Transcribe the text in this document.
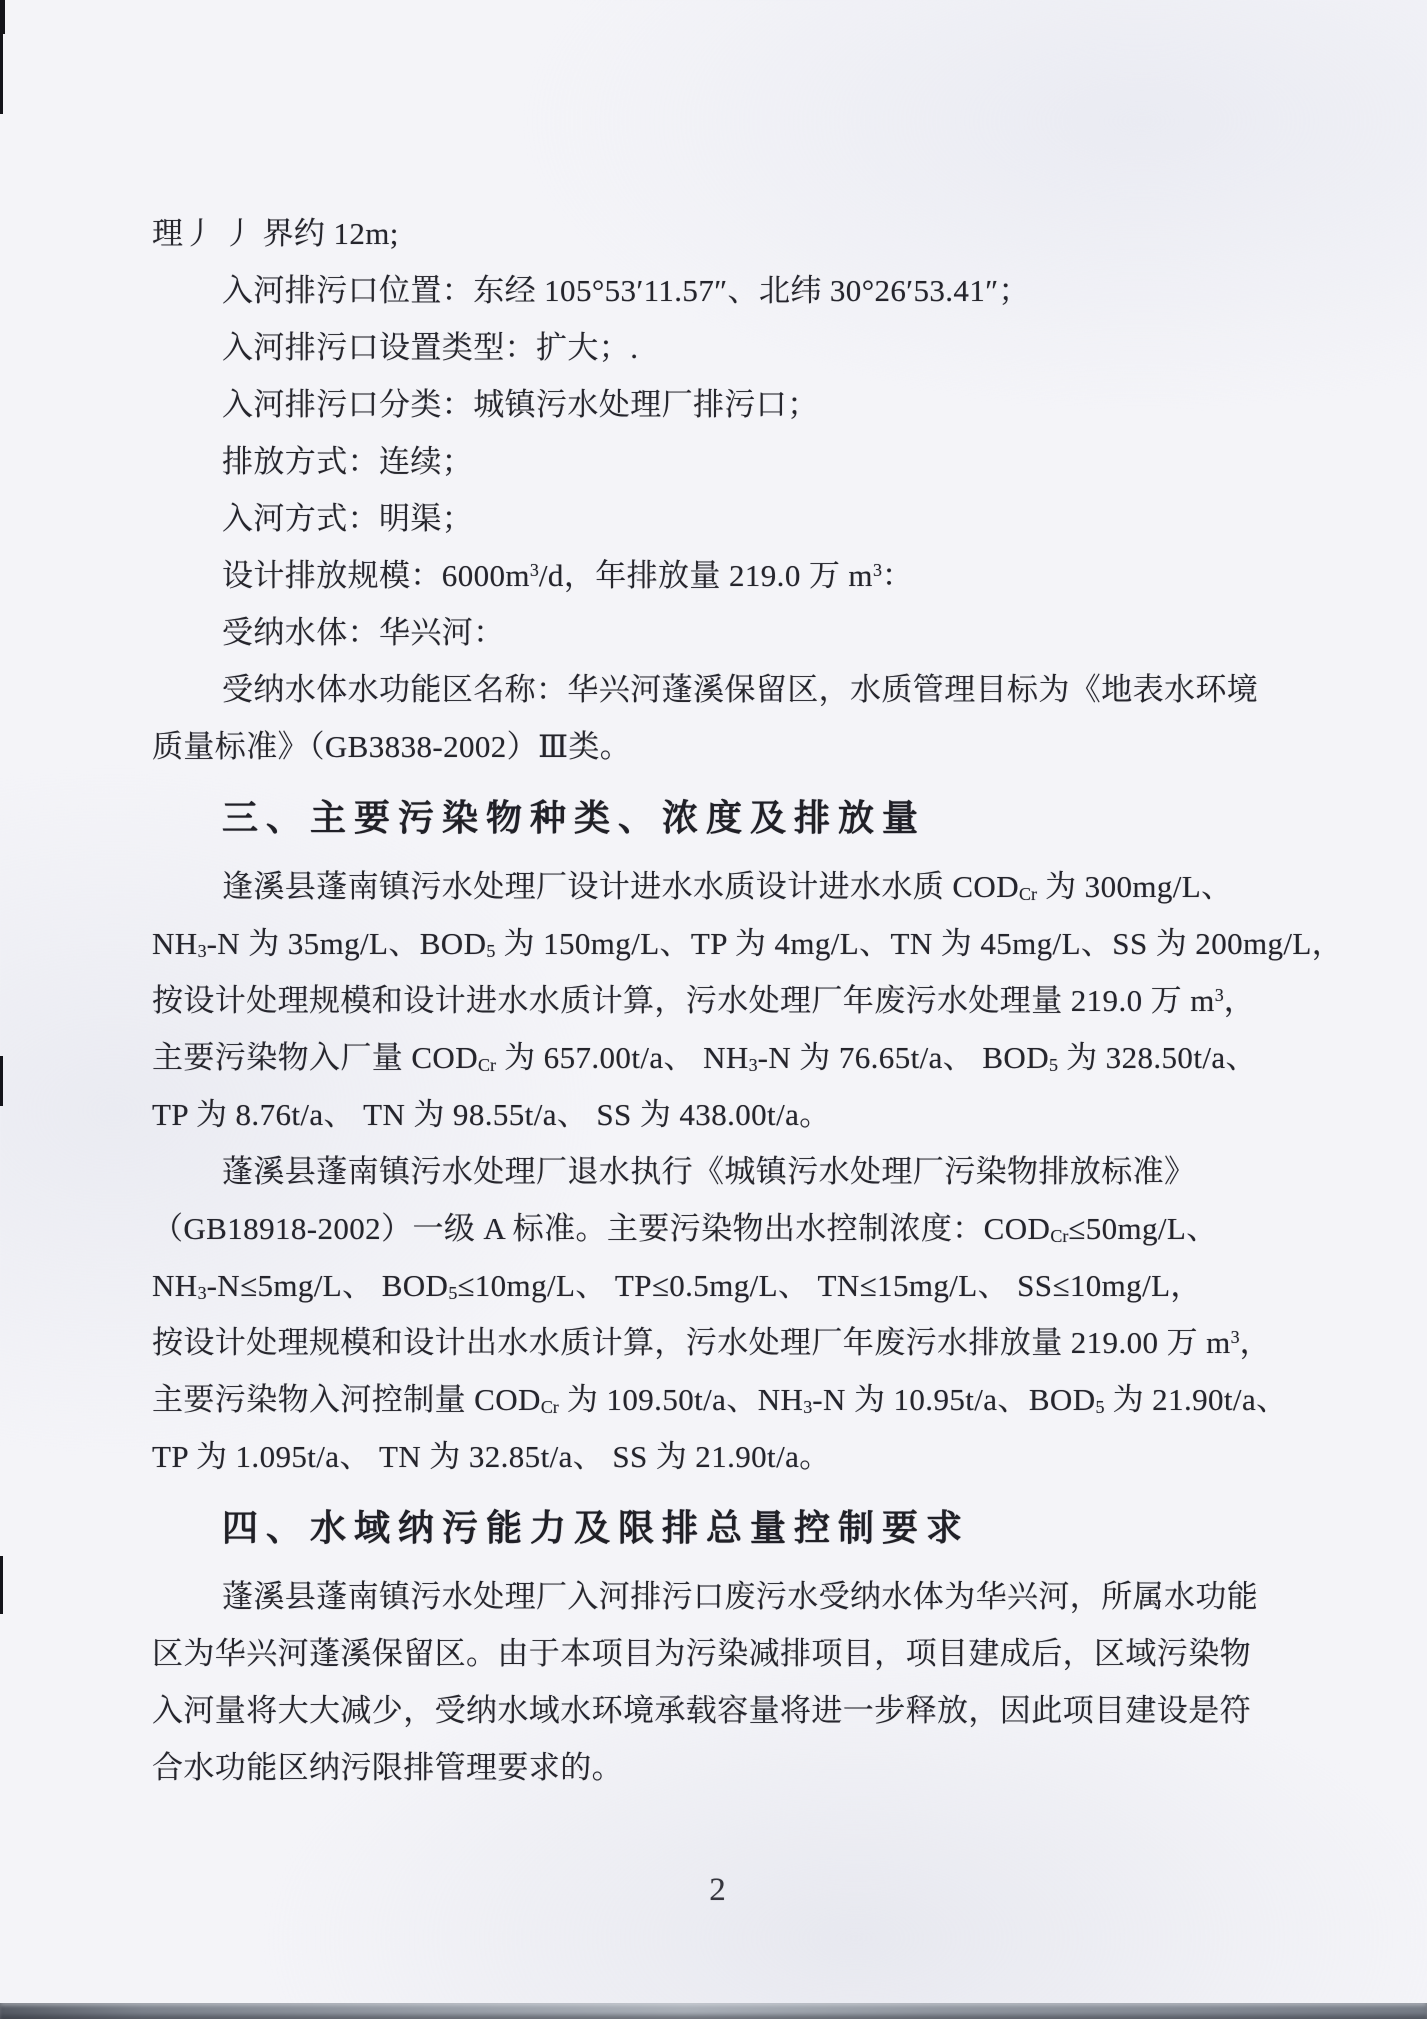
理丿 丿 界约 12m;
入河排污口位置：东经 105°53′11.57″、北纬 30°26′53.41″；
入河排污口设置类型：扩大；.
入河排污口分类：城镇污水处理厂排污口；
排放方式：连续；
入河方式：明渠；
设计排放规模：$6000m^3/d$，年排放量 219.0 万 $m^3$：
受纳水体：华兴河：
受纳水体水功能区名称：华兴河蓬溪保留区，水质管理目标为《地表水环境
质量标准》（GB3838-2002）Ⅲ类。
三、主要污染物种类、浓度及排放量
逢溪县蓬南镇污水处理厂设计进水水质设计进水水质 $COD_{Cr}$ 为 300mg/L、
$NH_3-N$ 为 35mg/L、$BOD_5$ 为 150mg/L、TP 为 4mg/L、TN 为 45mg/L、SS 为 200mg/L，
按设计处理规模和设计进水水质计算，污水处理厂年废污水处理量 219.0 万 $m^3$，
主要污染物入厂量 $COD_{Cr}$ 为 657.00t/a、 $NH_3-N$ 为 76.65t/a、 $BOD_5$ 为 328.50t/a、
TP 为 8.76t/a、 TN 为 98.55t/a、 SS 为 438.00t/a。
蓬溪县蓬南镇污水处理厂退水执行《城镇污水处理厂污染物排放标准》
（GB18918-2002）一级 A 标准。主要污染物出水控制浓度：$COD_{Cr}\le 50mg/L$、
$NH_3-N\le 5mg/L$、 $BOD_5\le 10mg/L$、 TP≤0.5mg/L、 TN≤15mg/L、 SS≤10mg/L，
按设计处理规模和设计出水水质计算，污水处理厂年废污水排放量 219.00 万 $m^3$，
主要污染物入河控制量 $COD_{Cr}$ 为 109.50t/a、$NH_3-N$ 为 10.95t/a、$BOD_5$ 为 21.90t/a、
TP 为 1.095t/a、 TN 为 32.85t/a、 SS 为 21.90t/a。
四、水域纳污能力及限排总量控制要求
蓬溪县蓬南镇污水处理厂入河排污口废污水受纳水体为华兴河，所属水功能
区为华兴河蓬溪保留区。由于本项目为污染减排项目，项目建成后，区域污染物
入河量将大大减少，受纳水域水环境承载容量将进一步释放，因此项目建设是符
合水功能区纳污限排管理要求的。
2
